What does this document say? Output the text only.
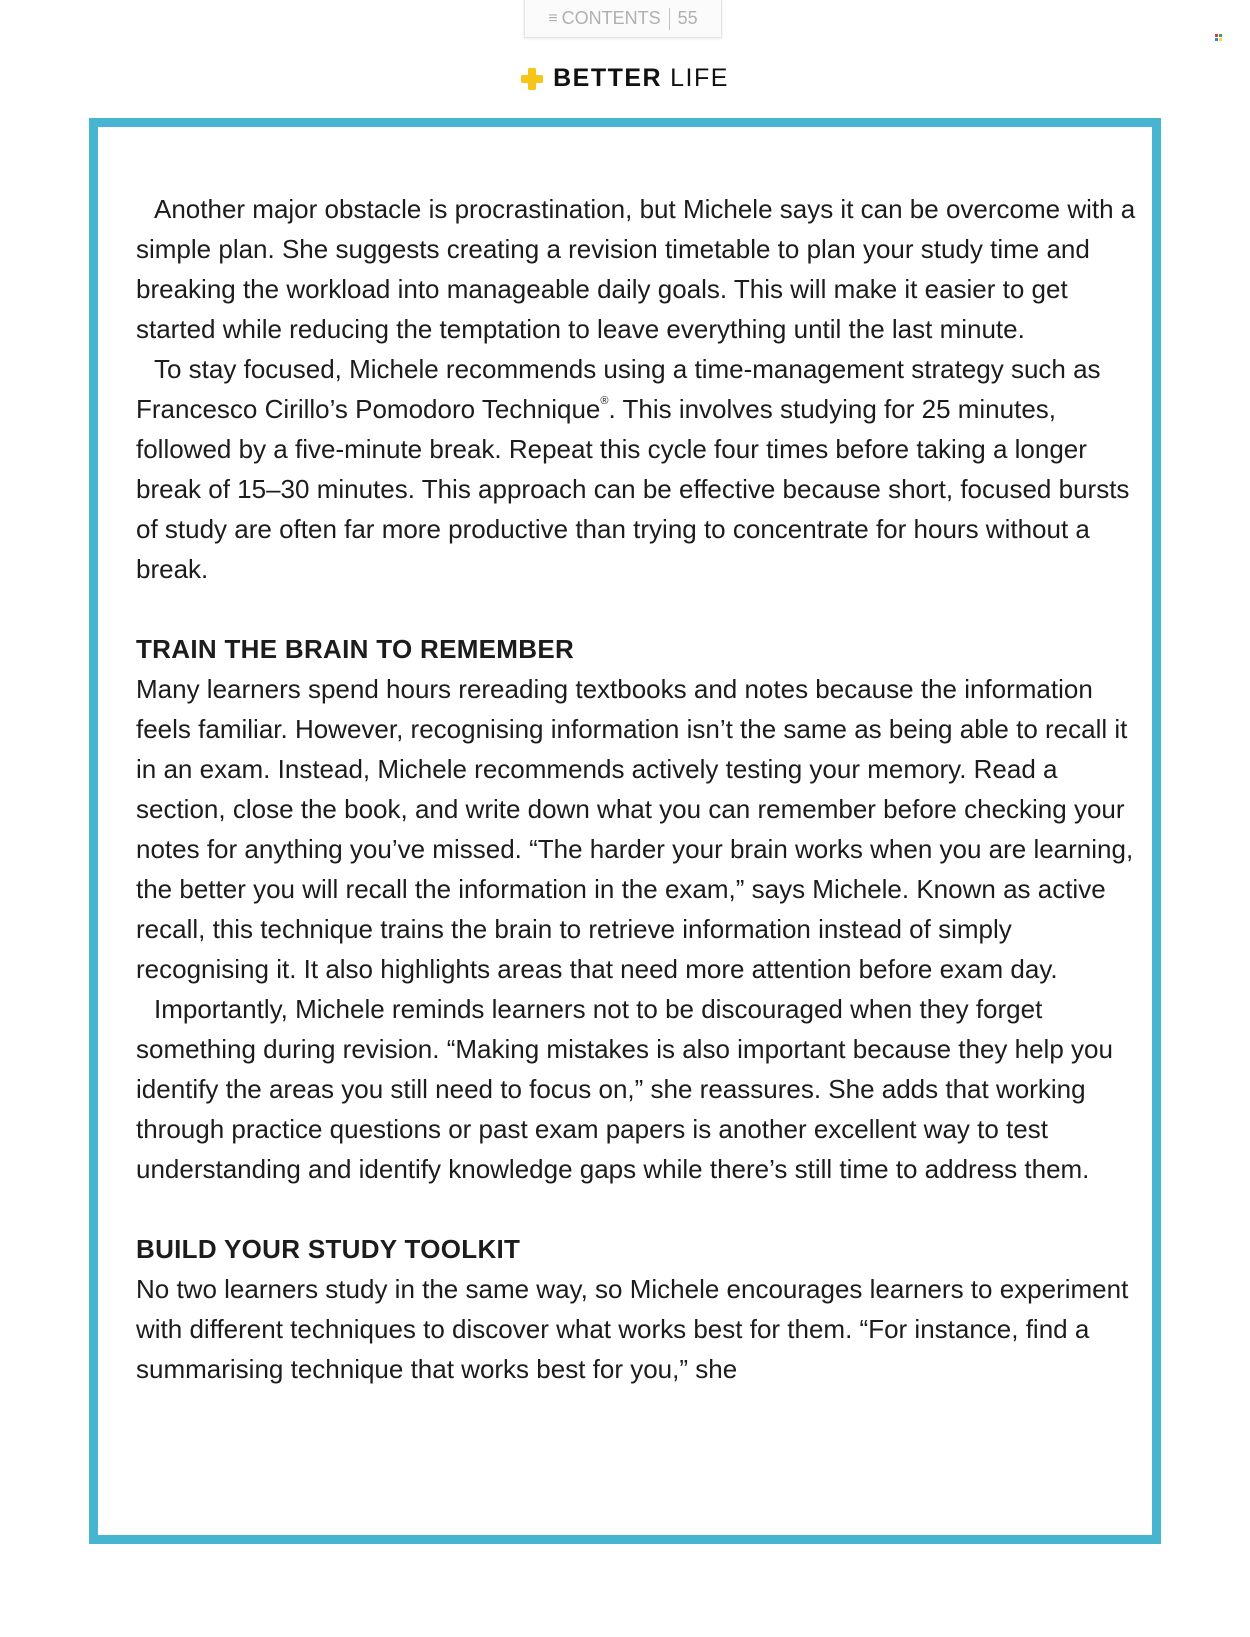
≡ CONTENTS 55
BETTER LIFE

Another major obstacle is procrastination, but Michele says it can be overcome with a simple plan. She suggests creating a revision timetable to plan your study time and breaking the workload into manageable daily goals. This will make it easier to get started while reducing the temptation to leave everything until the last minute.

To stay focused, Michele recommends using a time-management strategy such as Francesco Cirillo’s Pomodoro Technique®. This involves studying for 25 minutes, followed by a five-minute break. Repeat this cycle four times before taking a longer break of 15–30 minutes. This approach can be effective because short, focused bursts of study are often far more productive than trying to concentrate for hours without a break.

TRAIN THE BRAIN TO REMEMBER

Many learners spend hours rereading textbooks and notes because the information feels familiar. However, recognising information isn’t the same as being able to recall it in an exam. Instead, Michele recommends actively testing your memory. Read a section, close the book, and write down what you can remember before checking your notes for anything you’ve missed. “The harder your brain works when you are learning, the better you will recall the information in the exam,” says Michele. Known as active recall, this technique trains the brain to retrieve information instead of simply recognising it. It also highlights areas that need more attention before exam day.

Importantly, Michele reminds learners not to be discouraged when they forget something during revision. “Making mistakes is also important because they help you identify the areas you still need to focus on,” she reassures. She adds that working through practice questions or past exam papers is another excellent way to test understanding and identify knowledge gaps while there’s still time to address them.

BUILD YOUR STUDY TOOLKIT

No two learners study in the same way, so Michele encourages learners to experiment with different techniques to discover what works best for them. “For instance, find a summarising technique that works best for you,” she
